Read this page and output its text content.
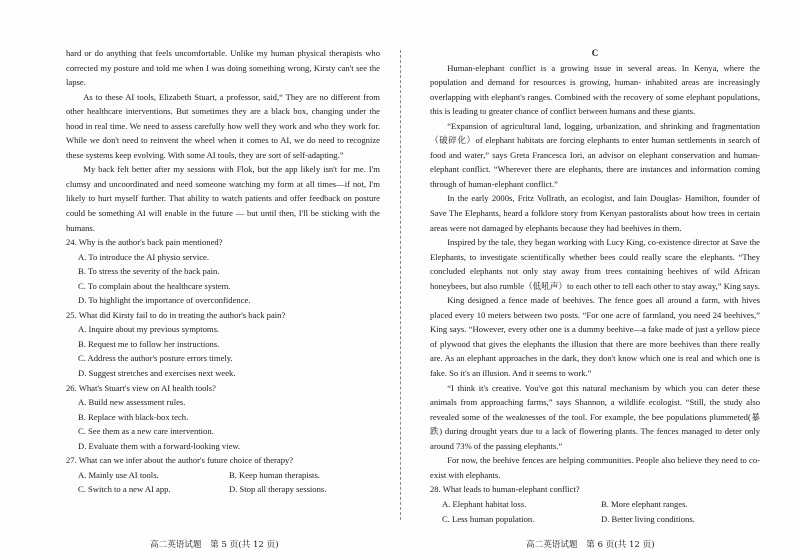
hard or do anything that feels uncomfortable. Unlike my human physical therapists who corrected my posture and told me when I was doing something wrong, Kirsty can't see the lapse.

As to these AI tools, Elizabeth Stuart, a professor, said,“ They are no different from other healthcare interventions. But sometimes they are a black box, changing under the hood in real time. We need to assess carefully how well they work and who they work for. While we don't need to reinvent the wheel when it comes to AI, we do need to recognize these systems keep evolving. With some AI tools, they are sort of self-adapting.”

My back felt better after my sessions with Flok, but the app likely isn't for me. I'm clumsy and uncoordinated and need someone watching my form at all times—if not, I'm likely to hurt myself further. That ability to watch patients and offer feedback on posture could be something AI will enable in the future — but until then, I'll be sticking with the humans.

24. Why is the author's back pain mentioned?

A. To introduce the AI physio service.

B. To stress the severity of the back pain.

C. To complain about the healthcare system.

D. To highlight the importance of overconfidence.

25. What did Kirsty fail to do in treating the author's back pain?

A. Inquire about my previous symptoms.

B. Request me to follow her instructions.

C. Address the author's posture errors timely.

D. Suggest stretches and exercises next week.

26. What's Stuart's view on AI health tools?

A. Build new assessment rules.

B. Replace with black-box tech.

C. See them as a new care intervention.

D. Evaluate them with a forward-looking view.

27. What can we infer about the author's future choice of therapy?

A. Mainly use AI tools.	B. Keep human therapists.
C. Switch to a new AI app.	D. Stop all therapy sessions.

C

Human-elephant conflict is a growing issue in several areas. In Kenya, where the population and demand for resources is growing, human- inhabited areas are increasingly overlapping with elephant's ranges. Combined with the recovery of some elephant populations, this is leading to greater chance of conflict between humans and these giants.

“Expansion of agricultural land, logging, urbanization, and shrinking and fragmentation（破碎化）of elephant habitats are forcing elephants to enter human settlements in search of food and water,” says Greta Francesca Iori, an advisor on elephant conservation and human-elephant conflict. “Wherever there are elephants, there are instances and information coming through of human-elephant conflict.”

In the early 2000s, Fritz Vollrath, an ecologist, and Iain Douglas- Hamilton, founder of Save The Elephants, heard a folklore story from Kenyan pastoralists about how trees in certain areas were not damaged by elephants because they had beehives in them.

Inspired by the tale, they began working with Lucy King, co-existence director at Save the Elephants, to investigate scientifically whether bees could really scare the elephants. “They concluded elephants not only stay away from trees containing beehives of wild African honeybees, but also rumble（低吼声）to each other to tell each other to stay away,” King says.

King designed a fence made of beehives. The fence goes all around a farm, with hives placed every 10 meters between two posts. “For one acre of farmland, you need 24 beehives,” King says. “However, every other one is a dummy beehive—a fake made of just a yellow piece of plywood that gives the elephants the illusion that there are more beehives than there really are. As an elephant approaches in the dark, they don't know which one is real and which one is fake. So it's an illusion. And it seems to work.”

“I think it's creative. You've got this natural mechanism by which you can deter these animals from approaching farms,” says Shannon, a wildlife ecologist. “Still, the study also revealed some of the weaknesses of the tool. For example, the bee populations plummeted(暴跌) during drought years due to a lack of flowering plants. The fences managed to deter only around 73% of the passing elephants.”

For now, the beehive fences are helping communities. People also believe they need to co-exist with elephants.

28. What leads to human-elephant conflict?

A. Elephant habitat loss.	B. More elephant ranges.
C. Less human population.	D. Better living conditions.
高二英语试题　第 5 页(共 12 页)	高二英语试题　第 6 页(共 12 页)
